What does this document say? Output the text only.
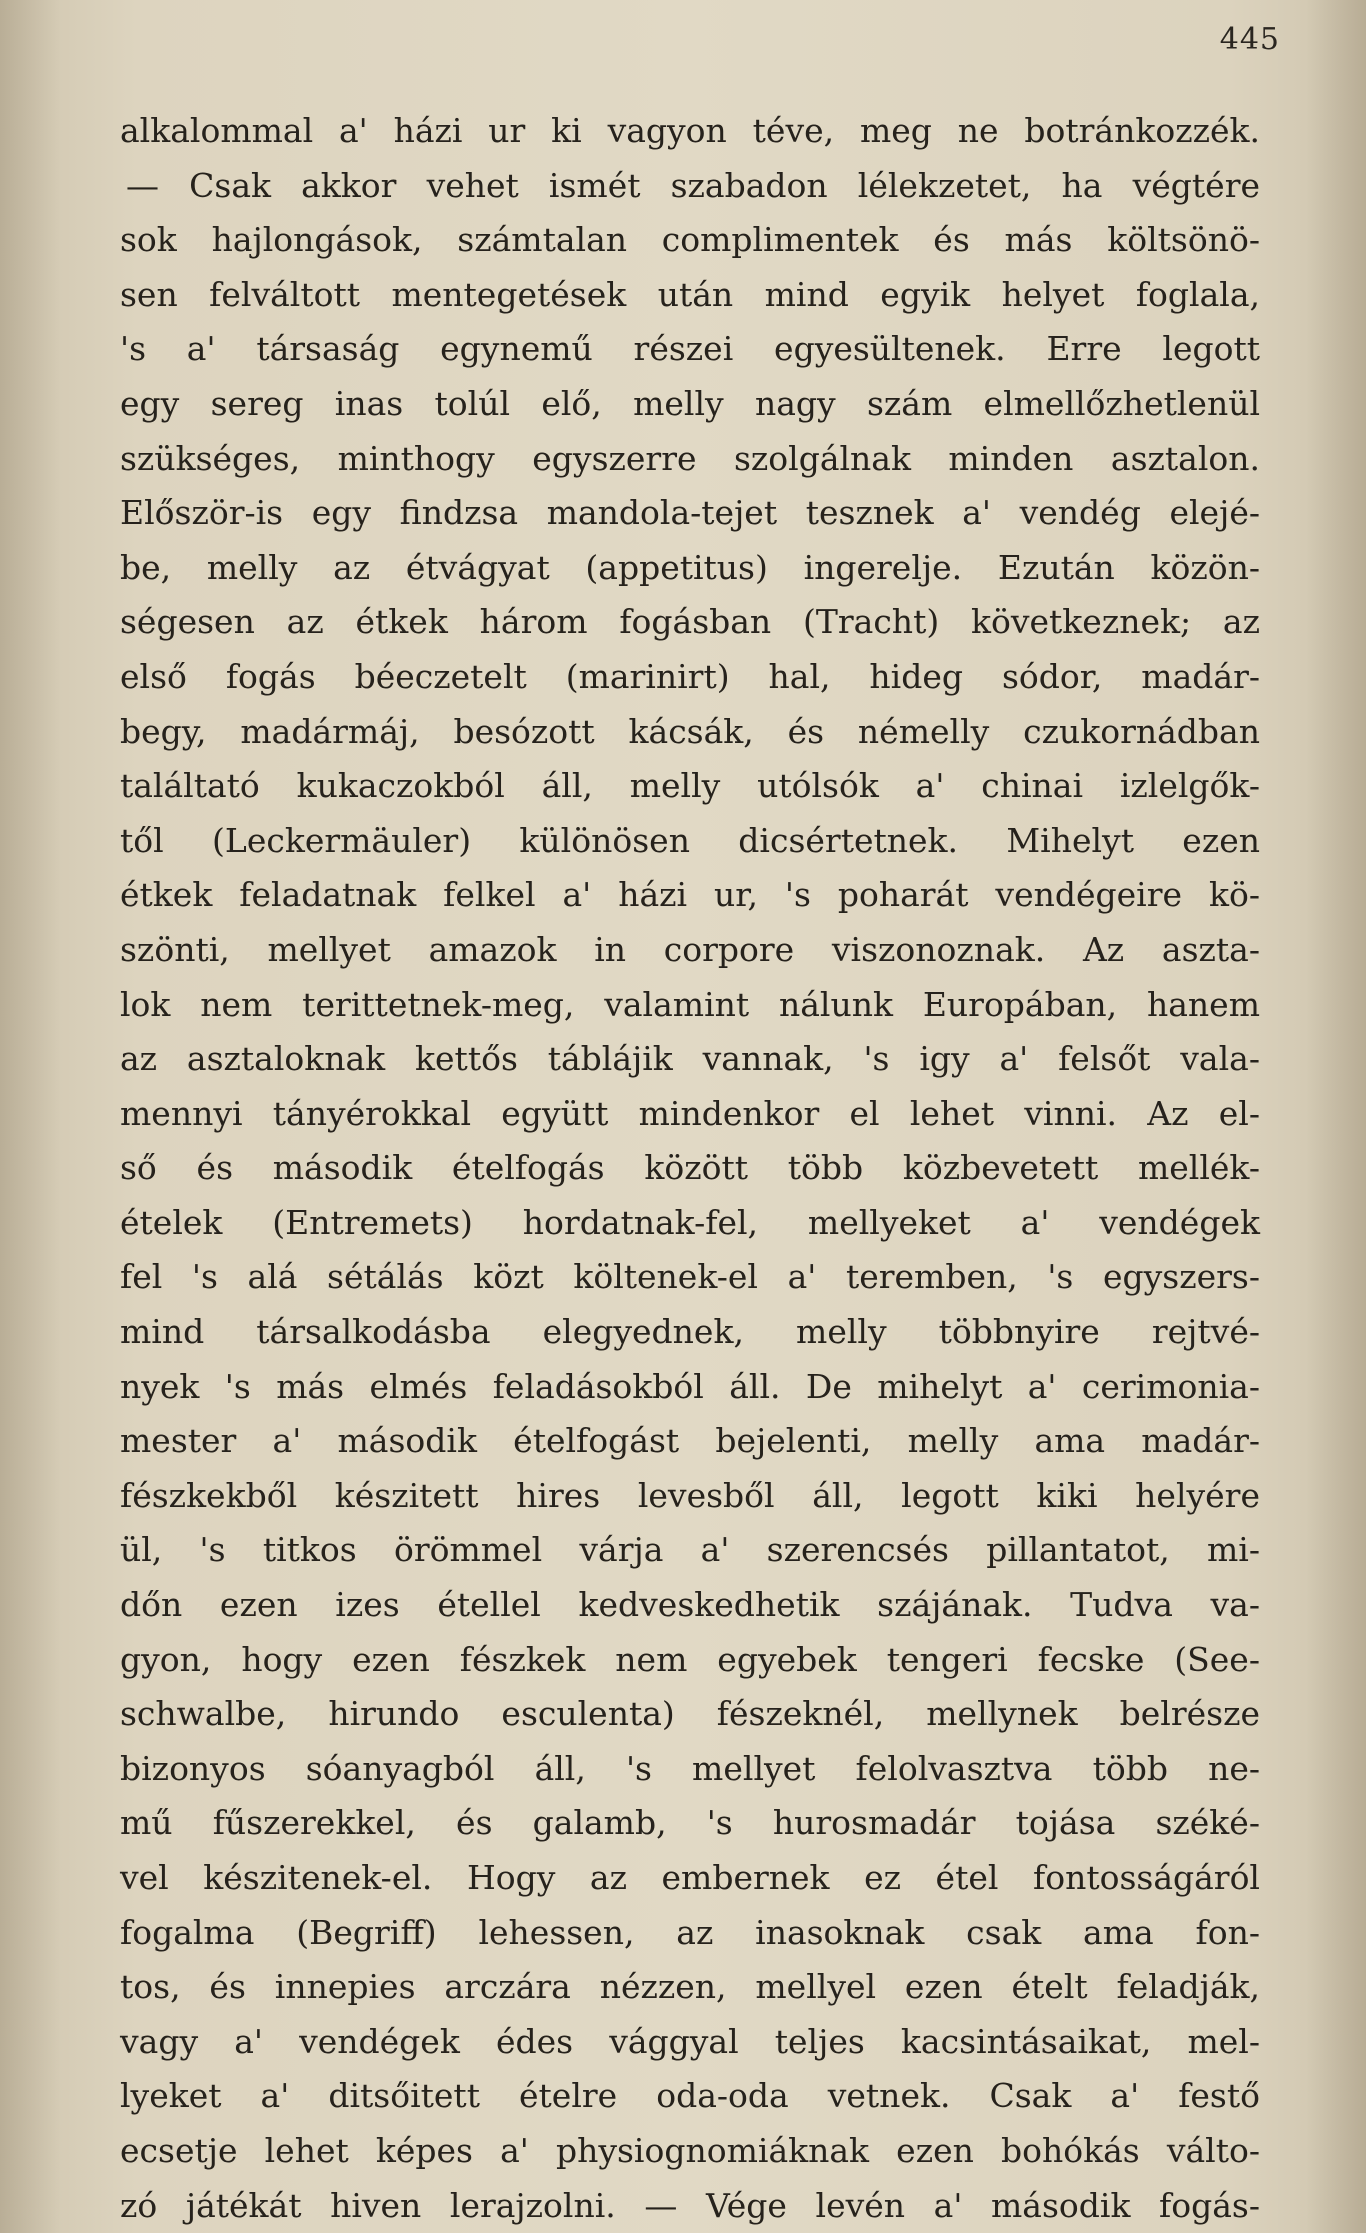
445
alkalommal a' házi ur ki vagyon téve, meg ne botránkozzék.
— Csak akkor vehet ismét szabadon lélekzetet, ha végtére
sok hajlongások, számtalan complimentek és más költsönö-
sen felváltott mentegetések után mind egyik helyet foglala,
's a' társaság egynemű részei egyesültenek. Erre legott
egy sereg inas tolúl elő, melly nagy szám elmellőzhetlenül
szükséges, minthogy egyszerre szolgálnak minden asztalon.
Először-is egy findzsa mandola-tejet tesznek a' vendég elejé-
be, melly az étvágyat (appetitus) ingerelje. Ezután közön-
ségesen az étkek három fogásban (Tracht) következnek; az
első fogás béeczetelt (marinirt) hal, hideg sódor, madár-
begy, madármáj, besózott kácsák, és némelly czukornádban
találtató kukaczokból áll, melly utólsók a' chinai izlelgők-
től (Leckermäuler) különösen dicsértetnek. Mihelyt ezen
étkek feladatnak felkel a' házi ur, 's poharát vendégeire kö-
szönti, mellyet amazok in corpore viszonoznak. Az aszta-
lok nem terittetnek-meg, valamint nálunk Europában, hanem
az asztaloknak kettős táblájik vannak, 's igy a' felsőt vala-
mennyi tányérokkal együtt mindenkor el lehet vinni. Az el-
ső és második ételfogás között több közbevetett mellék-
ételek (Entremets) hordatnak-fel, mellyeket a' vendégek
fel 's alá sétálás közt költenek-el a' teremben, 's egyszers-
mind társalkodásba elegyednek, melly többnyire rejtvé-
nyek 's más elmés feladásokból áll. De mihelyt a' cerimonia-
mester a' második ételfogást bejelenti, melly ama madár-
fészkekből készitett hires levesből áll, legott kiki helyére
ül, 's titkos örömmel várja a' szerencsés pillantatot, mi-
dőn ezen izes étellel kedveskedhetik szájának. Tudva va-
gyon, hogy ezen fészkek nem egyebek tengeri fecske (See-
schwalbe, hirundo esculenta) fészeknél, mellynek belrésze
bizonyos sóanyagból áll, 's mellyet felolvasztva több ne-
mű fűszerekkel, és galamb, 's hurosmadár tojása széké-
vel készitenek-el. Hogy az embernek ez étel fontosságáról
fogalma (Begriff) lehessen, az inasoknak csak ama fon-
tos, és innepies arczára nézzen, mellyel ezen ételt feladják,
vagy a' vendégek édes vággyal teljes kacsintásaikat, mel-
lyeket a' ditsőitett ételre oda-oda vetnek. Csak a' festő
ecsetje lehet képes a' physiognomiáknak ezen bohókás válto-
zó játékát hiven lerajzolni. — Vége levén a' második fogás-
